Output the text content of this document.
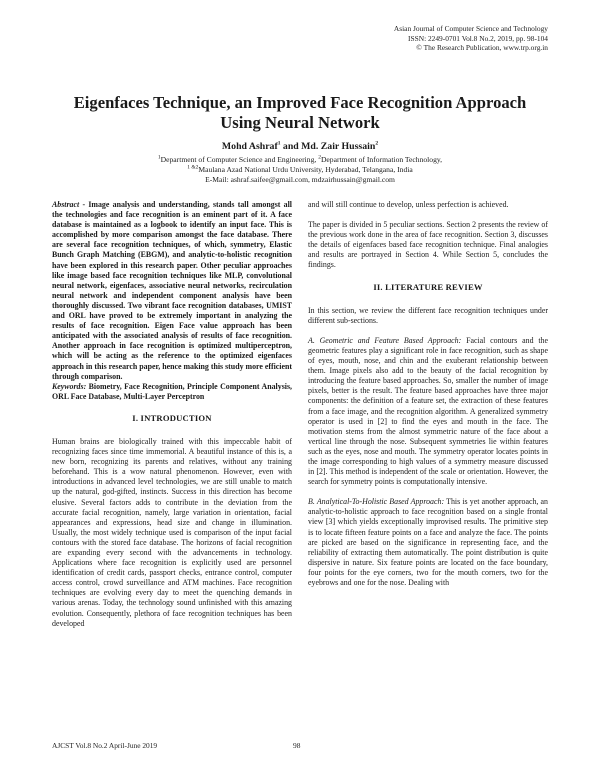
Asian Journal of Computer Science and Technology
ISSN: 2249-0701 Vol.8 No.2, 2019, pp. 98-104
© The Research Publication, www.trp.org.in
Eigenfaces Technique, an Improved Face Recognition Approach
Using Neural Network
Mohd Ashraf$^1$ and Md. Zair Hussain$^2$
$^1$Department of Computer Science and Engineering, $^2$Department of Information Technology,
$^{1 \&2}$Maulana Azad National Urdu University, Hyderabad, Telangana, India
E-Mail: ashraf.saifee@gmail.com, mdzairhussain@gmail.com

Abstract - Image analysis and understanding, stands tall amongst all the technologies and face recognition is an eminent part of it. A face database is maintained as a logbook to identify an input face. This is accomplished by more comparison amongst the face database. There are several face recognition techniques, of which, symmetry, Elastic Bunch Graph Matching (EBGM), and analytic-to-holistic recognition have been explored in this research paper. Other peculiar approaches like image based face recognition techniques like MLP, convolutional neural network, eigenfaces, associative neural networks, recirculation neural network and independent component analysis have been thoroughly discussed. Two vibrant face recognition databases, UMIST and ORL have proved to be extremely important in analyzing the results of face recognition. Eigen Face value approach has been anticipated with the associated analysis of results of face recognition. Another approach in face recognition is optimized multiperceptron, which will be acting as the reference to the optimized eigenfaces approach in this research paper, hence making this study more efficient through comparison.

Keywords: Biometry, Face Recognition, Principle Component Analysis, ORL Face Database, Multi-Layer Perceptron

I. INTRODUCTION

Human brains are biologically trained with this impeccable habit of recognizing faces since time immemorial. A beautiful instance of this is, a new born, recognizing its parents and relatives, without any training beforehand. This is a wow natural phenomenon. However, even with introductions in advanced level technologies, we are still unable to match up the natural, god-gifted, instincts. Success in this direction has become elusive. Several factors adds to contribute in the deviation from the accurate facial recognition, namely, large variation in orientation, facial appearances and expressions, head size and change in illumination. Usually, the most widely technique used is comparison of the input facial contours with the stored face database. The horizons of facial recognition are expanding every second with the advancements in technology. Applications where face recognition is explicitly used are personnel identification of credit cards, passport checks, entrance control, computer access control, crowd surveillance and ATM machines. Face recognition techniques are evolving every day to meet the quenching demands in various arenas. Today, the technology sound unfinished with this amazing evolution. Consequently, plethora of face recognition techniques has been developed

and will still continue to develop, unless perfection is achieved.

The paper is divided in 5 peculiar sections. Section 2 presents the review of the previous work done in the area of face recognition. Section 3, discusses the details of eigenfaces based face recognition technique. Final analogies and results are portrayed in Section 4. While Section 5, concludes the findings.

II. LITERATURE REVIEW

In this section, we review the different face recognition techniques under different sub-sections.

A. Geometric and Feature Based Approach: Facial contours and the geometric features play a significant role in face recognition, such as shape of eyes, mouth, nose, and chin and the exuberant relationship between them. Image pixels also add to the beauty of the facial recognition by introducing the feature based approaches. So, smaller the number of image pixels, better is the result. The feature based approaches have three major components: the definition of a feature set, the extraction of these features from a face image, and the recognition algorithm. A generalized symmetry operator is used in [2] to find the eyes and mouth in the face. The motivation stems from the almost symmetric nature of the face about a vertical line through the nose. Subsequent symmetries lie within features such as the eyes, nose and mouth. The symmetry operator locates points in the image corresponding to high values of a symmetry measure discussed in [2]. This method is independent of the scale or orientation. However, the search for symmetry points is computationally intensive.

B. Analytical-To-Holistic Based Approach: This is yet another approach, an analytic-to-holistic approach to face recognition based on a single frontal view [3] which yields exceptionally improvised results. The primitive step is to locate fifteen feature points on a face and analyze the face. The points are picked are based on the significance in representing face, and the reliability of extracting them automatically. The point distribution is quite dispersive in nature. Six feature points are located on the face boundary, four points for the eye corners, two for the mouth corners, two for the eyebrows and one for the nose. Dealing with

AJCST Vol.8 No.2 April-June 2019	98
